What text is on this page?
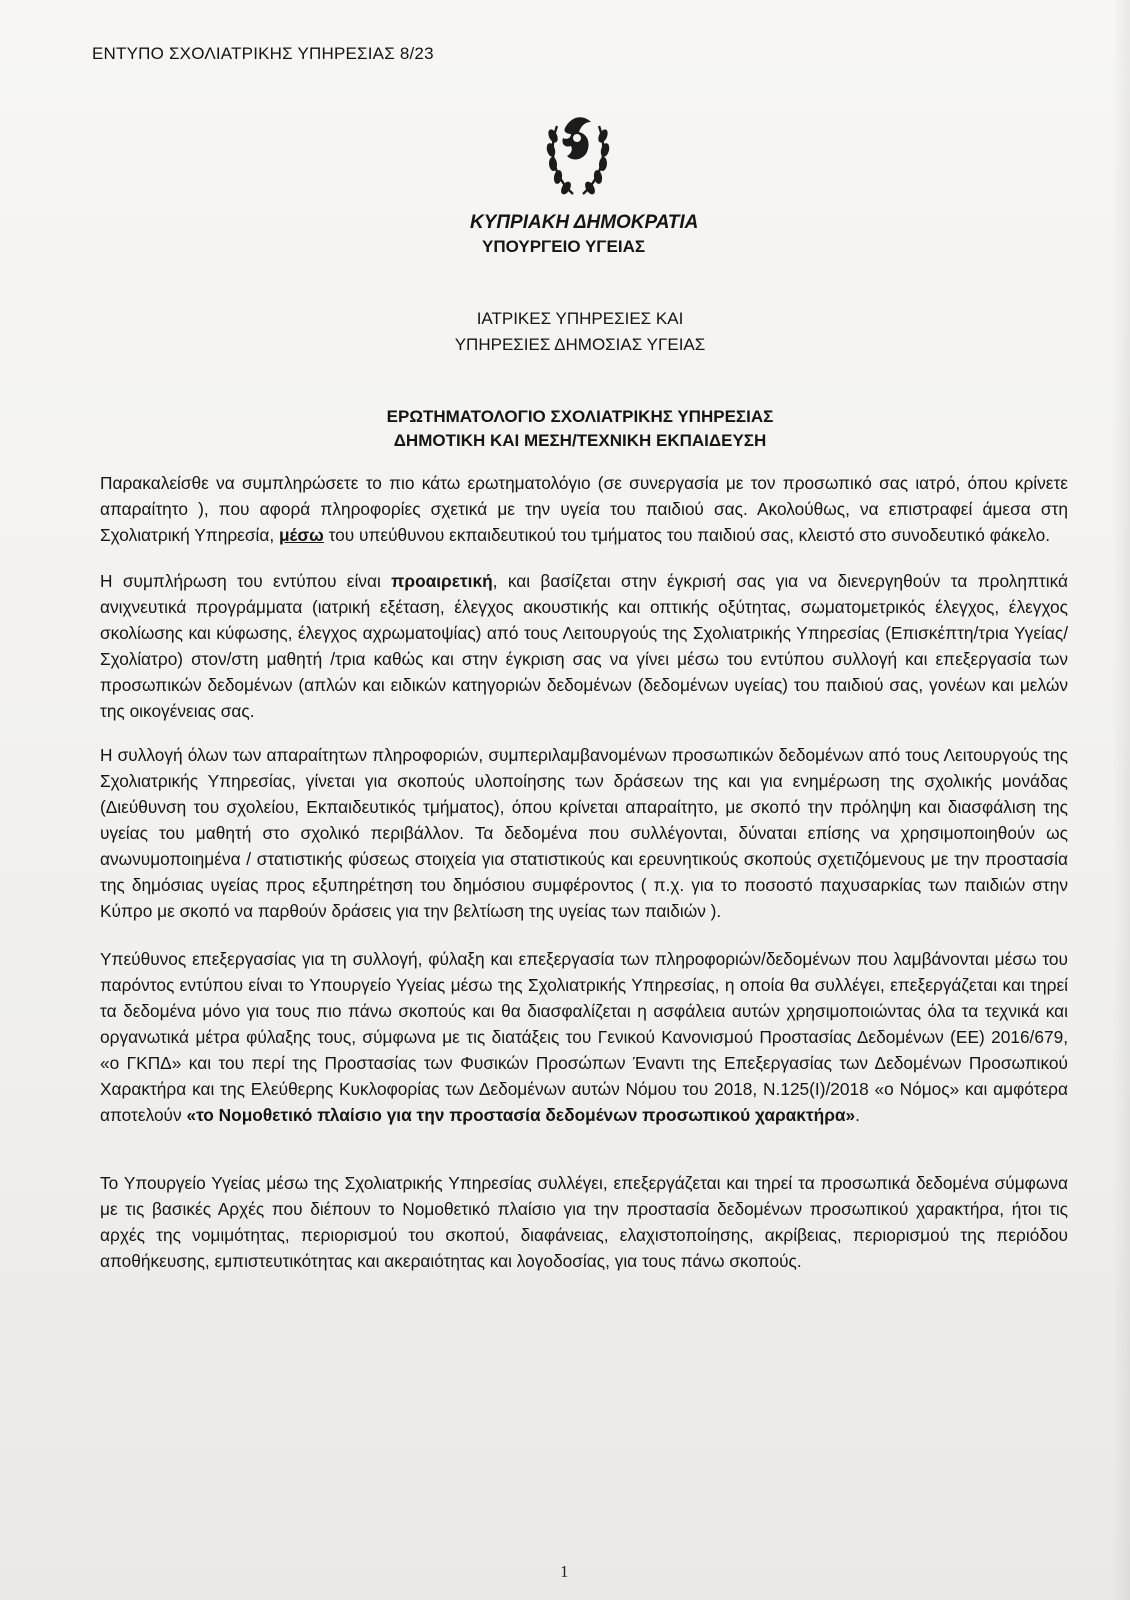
ΕΝΤΥΠΟ ΣΧΟΛΙΑΤΡΙΚΗΣ ΥΠΗΡΕΣΙΑΣ 8/23
ΚΥΠΡΙΑΚΗ ΔΗΜΟΚΡΑΤΙΑ
ΥΠΟΥΡΓΕΙΟ ΥΓΕΙΑΣ
ΙΑΤΡΙΚΕΣ ΥΠΗΡΕΣΙΕΣ ΚΑΙ
ΥΠΗΡΕΣΙΕΣ ΔΗΜΟΣΙΑΣ ΥΓΕΙΑΣ
ΕΡΩΤΗΜΑΤΟΛΟΓΙΟ ΣΧΟΛΙΑΤΡΙΚΗΣ ΥΠΗΡΕΣΙΑΣ
ΔΗΜΟΤΙΚΗ ΚΑΙ ΜΕΣΗ/ΤΕΧΝΙΚΗ ΕΚΠΑΙΔΕΥΣΗ

Παρακαλείσθε να συμπληρώσετε το πιο κάτω ερωτηματολόγιο (σε συνεργασία με τον προσωπικό σας ιατρό, όπου κρίνετε απαραίτητο ), που αφορά πληροφορίες σχετικά με την υγεία του παιδιού σας. Ακολούθως, να επιστραφεί άμεσα στη Σχολιατρική Υπηρεσία, μέσω του υπεύθυνου εκπαιδευτικού του τμήματος του παιδιού σας, κλειστό στο συνοδευτικό φάκελο.

Η συμπλήρωση του εντύπου είναι προαιρετική, και βασίζεται στην έγκρισή σας για να διενεργηθούν τα προληπτικά ανιχνευτικά προγράμματα (ιατρική εξέταση, έλεγχος ακουστικής και οπτικής οξύτητας, σωματομετρικός έλεγχος, έλεγχος σκολίωσης και κύφωσης, έλεγχος αχρωματοψίας) από τους Λειτουργούς της Σχολιατρικής Υπηρεσίας (Επισκέπτη/τρια Υγείας/ Σχολίατρο) στον/στη μαθητή /τρια καθώς και στην έγκριση σας να γίνει μέσω του εντύπου συλλογή και επεξεργασία των προσωπικών δεδομένων (απλών και ειδικών κατηγοριών δεδομένων (δεδομένων υγείας) του παιδιού σας, γονέων και μελών της οικογένειας σας.

Η συλλογή όλων των απαραίτητων πληροφοριών, συμπεριλαμβανομένων προσωπικών δεδομένων από τους Λειτουργούς της Σχολιατρικής Υπηρεσίας, γίνεται για σκοπούς υλοποίησης των δράσεων της και για ενημέρωση της σχολικής μονάδας (Διεύθυνση του σχολείου, Εκπαιδευτικός τμήματος), όπου κρίνεται απαραίτητο, με σκοπό την πρόληψη και διασφάλιση της υγείας του μαθητή στο σχολικό περιβάλλον. Τα δεδομένα που συλλέγονται, δύναται επίσης να χρησιμοποιηθούν ως ανωνυμοποιημένα / στατιστικής φύσεως στοιχεία για στατιστικούς και ερευνητικούς σκοπούς σχετιζόμενους με την προστασία της δημόσιας υγείας προς εξυπηρέτηση του δημόσιου συμφέροντος ( π.χ. για το ποσοστό παχυσαρκίας των παιδιών στην Κύπρο με σκοπό να παρθούν δράσεις για την βελτίωση της υγείας των παιδιών ).

Υπεύθυνος επεξεργασίας για τη συλλογή, φύλαξη και επεξεργασία των πληροφοριών/δεδομένων που λαμβάνονται μέσω του παρόντος εντύπου είναι το Υπουργείο Υγείας μέσω της Σχολιατρικής Υπηρεσίας, η οποία θα συλλέγει, επεξεργάζεται και τηρεί τα δεδομένα μόνο για τους πιο πάνω σκοπούς και θα διασφαλίζεται η ασφάλεια αυτών χρησιμοποιώντας όλα τα τεχνικά και οργανωτικά μέτρα φύλαξης τους, σύμφωνα με τις διατάξεις του Γενικού Κανονισμού Προστασίας Δεδομένων (ΕΕ) 2016/679, «ο ΓΚΠΔ» και του περί της Προστασίας των Φυσικών Προσώπων Έναντι της Επεξεργασίας των Δεδομένων Προσωπικού Χαρακτήρα και της Ελεύθερης Κυκλοφορίας των Δεδομένων αυτών Νόμου του 2018, Ν.125(Ι)/2018 «ο Νόμος» και αμφότερα αποτελούν «το Νομοθετικό πλαίσιο για την προστασία δεδομένων προσωπικού χαρακτήρα».

Το Υπουργείο Υγείας μέσω της Σχολιατρικής Υπηρεσίας συλλέγει, επεξεργάζεται και τηρεί τα προσωπικά δεδομένα σύμφωνα με τις βασικές Αρχές που διέπουν το Νομοθετικό πλαίσιο για την προστασία δεδομένων προσωπικού χαρακτήρα, ήτοι τις αρχές της νομιμότητας, περιορισμού του σκοπού, διαφάνειας, ελαχιστοποίησης, ακρίβειας, περιορισμού της περιόδου αποθήκευσης, εμπιστευτικότητας και ακεραιότητας και λογοδοσίας, για τους πάνω σκοπούς.

1
